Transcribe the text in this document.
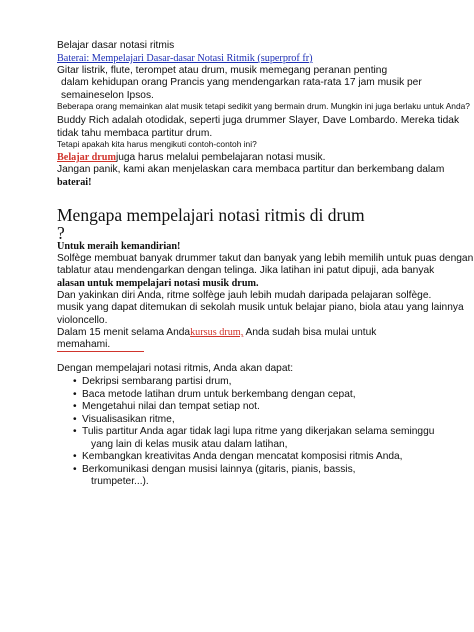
Belajar dasar notasi ritmis
Baterai: Mempelajari Dasar-dasar Notasi Ritmik (superprof fr)
Gitar listrik, flute, terompet atau drum, musik memegang peranan penting
dalam kehidupan orang Prancis yang mendengarkan rata-rata 17 jam musik per
semaineselon Ipsos.
Beberapa orang memainkan alat musik tetapi sedikit yang bermain drum. Mungkin ini juga berlaku untuk Anda?
Buddy Rich adalah otodidak, seperti juga drummer Slayer, Dave Lombardo. Mereka tidak
tidak tahu membaca partitur drum.
Tetapi apakah kita harus mengikuti contoh-contoh ini?
Belajar drumjuga harus melalui pembelajaran notasi musik.
Jangan panik, kami akan menjelaskan cara membaca partitur dan berkembang dalam
baterai!
Mengapa mempelajari notasi ritmis di drum
?
Untuk meraih kemandirian!
Solfège membuat banyak drummer takut dan banyak yang lebih memilih untuk puas dengan
tablatur atau mendengarkan dengan telinga. Jika latihan ini patut dipuji, ada banyak
alasan untuk mempelajari notasi musik drum.
Dan yakinkan diri Anda, ritme solfège jauh lebih mudah daripada pelajaran solfège.
musik yang dapat ditemukan di sekolah musik untuk belajar piano, biola atau yang lainnya
violoncello.
Dalam 15 menit selama Andakursus drum, Anda sudah bisa mulai untuk
memahami.
Dengan mempelajari notasi ritmis, Anda akan dapat:
• Dekripsi sembarang partisi drum,
• Baca metode latihan drum untuk berkembang dengan cepat,
• Mengetahui nilai dan tempat setiap not.
• Visualisasikan ritme,
• Tulis partitur Anda agar tidak lagi lupa ritme yang dikerjakan selama seminggu
yang lain di kelas musik atau dalam latihan,
• Kembangkan kreativitas Anda dengan mencatat komposisi ritmis Anda,
• Berkomunikasi dengan musisi lainnya (gitaris, pianis, bassis,
trumpeter...).
